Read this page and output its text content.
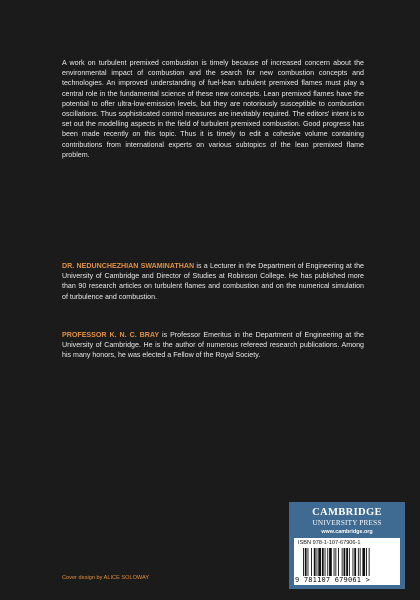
A work on turbulent premixed combustion is timely because of increased concern about the environmental impact of combustion and the search for new combustion concepts and technologies. An improved understanding of fuel-lean turbulent premixed flames must play a central role in the fundamental science of these new concepts. Lean premixed flames have the potential to offer ultra-low-emission levels, but they are notoriously susceptible to combustion oscillations. Thus sophisticated control measures are inevitably required. The editors' intent is to set out the modelling aspects in the field of turbulent premixed combustion. Good progress has been made recently on this topic. Thus it is timely to edit a cohesive volume containing contributions from international experts on various subtopics of the lean premixed flame problem.

DR. NEDUNCHEZHIAN SWAMINATHAN is a Lecturer in the Department of Engineering at the University of Cambridge and Director of Studies at Robinson College. He has published more than 90 research articles on turbulent flames and combustion and on the numerical simulation of turbulence and combustion.

PROFESSOR K. N. C. BRAY is Professor Emeritus in the Department of Engineering at the University of Cambridge. He is the author of numerous refereed research publications. Among his many honors, he was elected a Fellow of the Royal Society.

Cover design by ALICE SOLOWAY
CAMBRIDGE
UNIVERSITY PRESS
www.cambridge.org
ISBN 978-1-107-67906-1
9 781107 679061 >
